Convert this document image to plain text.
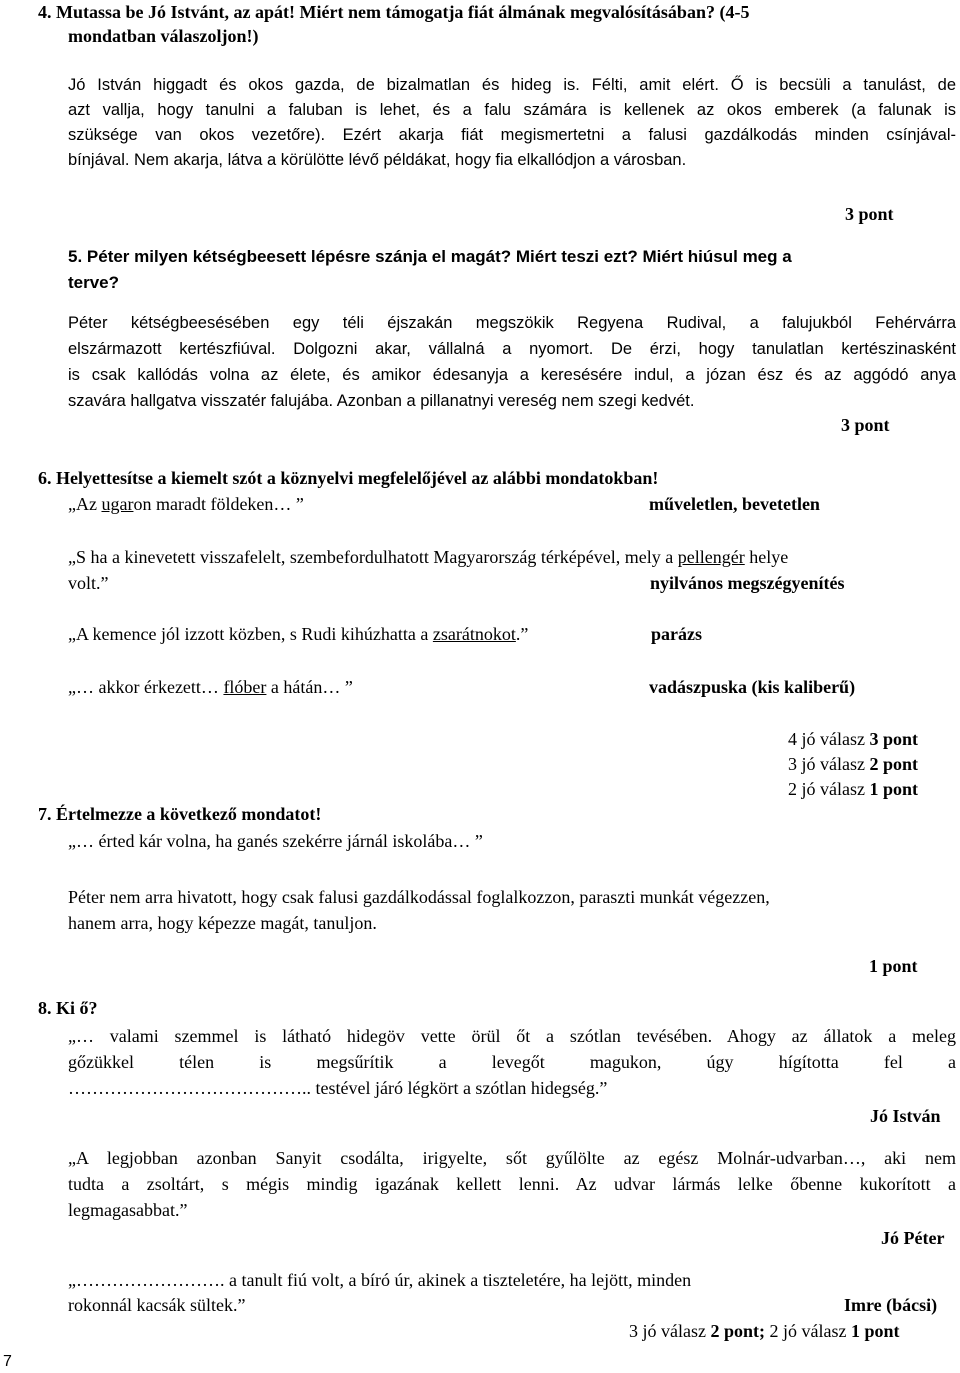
4. Mutassa be Jó Istvánt, az apát! Miért nem támogatja fiát álmának megvalósításában? (4-5
mondatban válaszoljon!)
Jó István higgadt és okos gazda, de bizalmatlan és hideg is. Félti, amit elért. Ő is becsüli a tanulást, de
azt vallja, hogy tanulni a faluban is lehet, és a falu számára is kellenek az okos emberek (a falunak is
szüksége van okos vezetőre). Ezért akarja fiát megismertetni a falusi gazdálkodás minden csínjával-
bínjával. Nem akarja, látva a körülötte lévő példákat, hogy fia elkallódjon a városban.
3 pont
5. Péter milyen kétségbeesett lépésre szánja el magát? Miért teszi ezt? Miért hiúsul meg a
terve?
Péter kétségbeesésében egy téli éjszakán megszökik Regyena Rudival, a falujukból Fehérvárra
elszármazott kertészfiúval. Dolgozni akar, vállalná a nyomort. De érzi, hogy tanulatlan kertészinasként
is csak kallódás volna az élete, és amikor édesanyja a keresésére indul, a józan ész és az aggódó anya
szavára hallgatva visszatér falujába. Azonban a pillanatnyi vereség nem szegi kedvét.
3 pont
6. Helyettesítse a kiemelt szót a köznyelvi megfelelőjével az alábbi mondatokban!
„Az ugaron maradt földeken… ”	műveletlen, bevetetlen
„S ha a kinevetett visszafelelt, szembefordulhatott Magyarország térképével, mely a pellengér helye
volt.”	nyilvános megszégyenítés
„A kemence jól izzott közben, s Rudi kihúzhatta a zsarátnokot.”	parázs
„… akkor érkezett… flóber a hátán… ”	vadászpuska (kis kaliberű)
4 jó válasz 3 pont
3 jó válasz 2 pont
2 jó válasz 1 pont
7. Értelmezze a következő mondatot!
„… érted kár volna, ha ganés szekérre járnál iskolába… ”
Péter nem arra hivatott, hogy csak falusi gazdálkodással foglalkozzon, paraszti munkát végezzen,
hanem arra, hogy képezze magát, tanuljon.
1 pont
8. Ki ő?
„… valami szemmel is látható hidegöv vette örül őt a szótlan tevésében. Ahogy az állatok a meleg
gőzükkel télen is megsűrítik a levegőt magukon, úgy hígította fel a
………………………………….. testével járó légkört a szótlan hidegség.”
Jó István
„A legjobban azonban Sanyit csodálta, irigyelte, sőt gyűlölte az egész Molnár-udvarban…, aki nem
tudta a zsoltárt, s mégis mindig igazának kellett lenni. Az udvar lármás lelke őbenne kukorított a
legmagasabbat.”
Jó Péter
„……………………. a tanult fiú volt, a bíró úr, akinek a tiszteletére, ha lejött, minden
rokonnál kacsák sültek.”	Imre (bácsi)
3 jó válasz 2 pont; 2 jó válasz 1 pont
7
